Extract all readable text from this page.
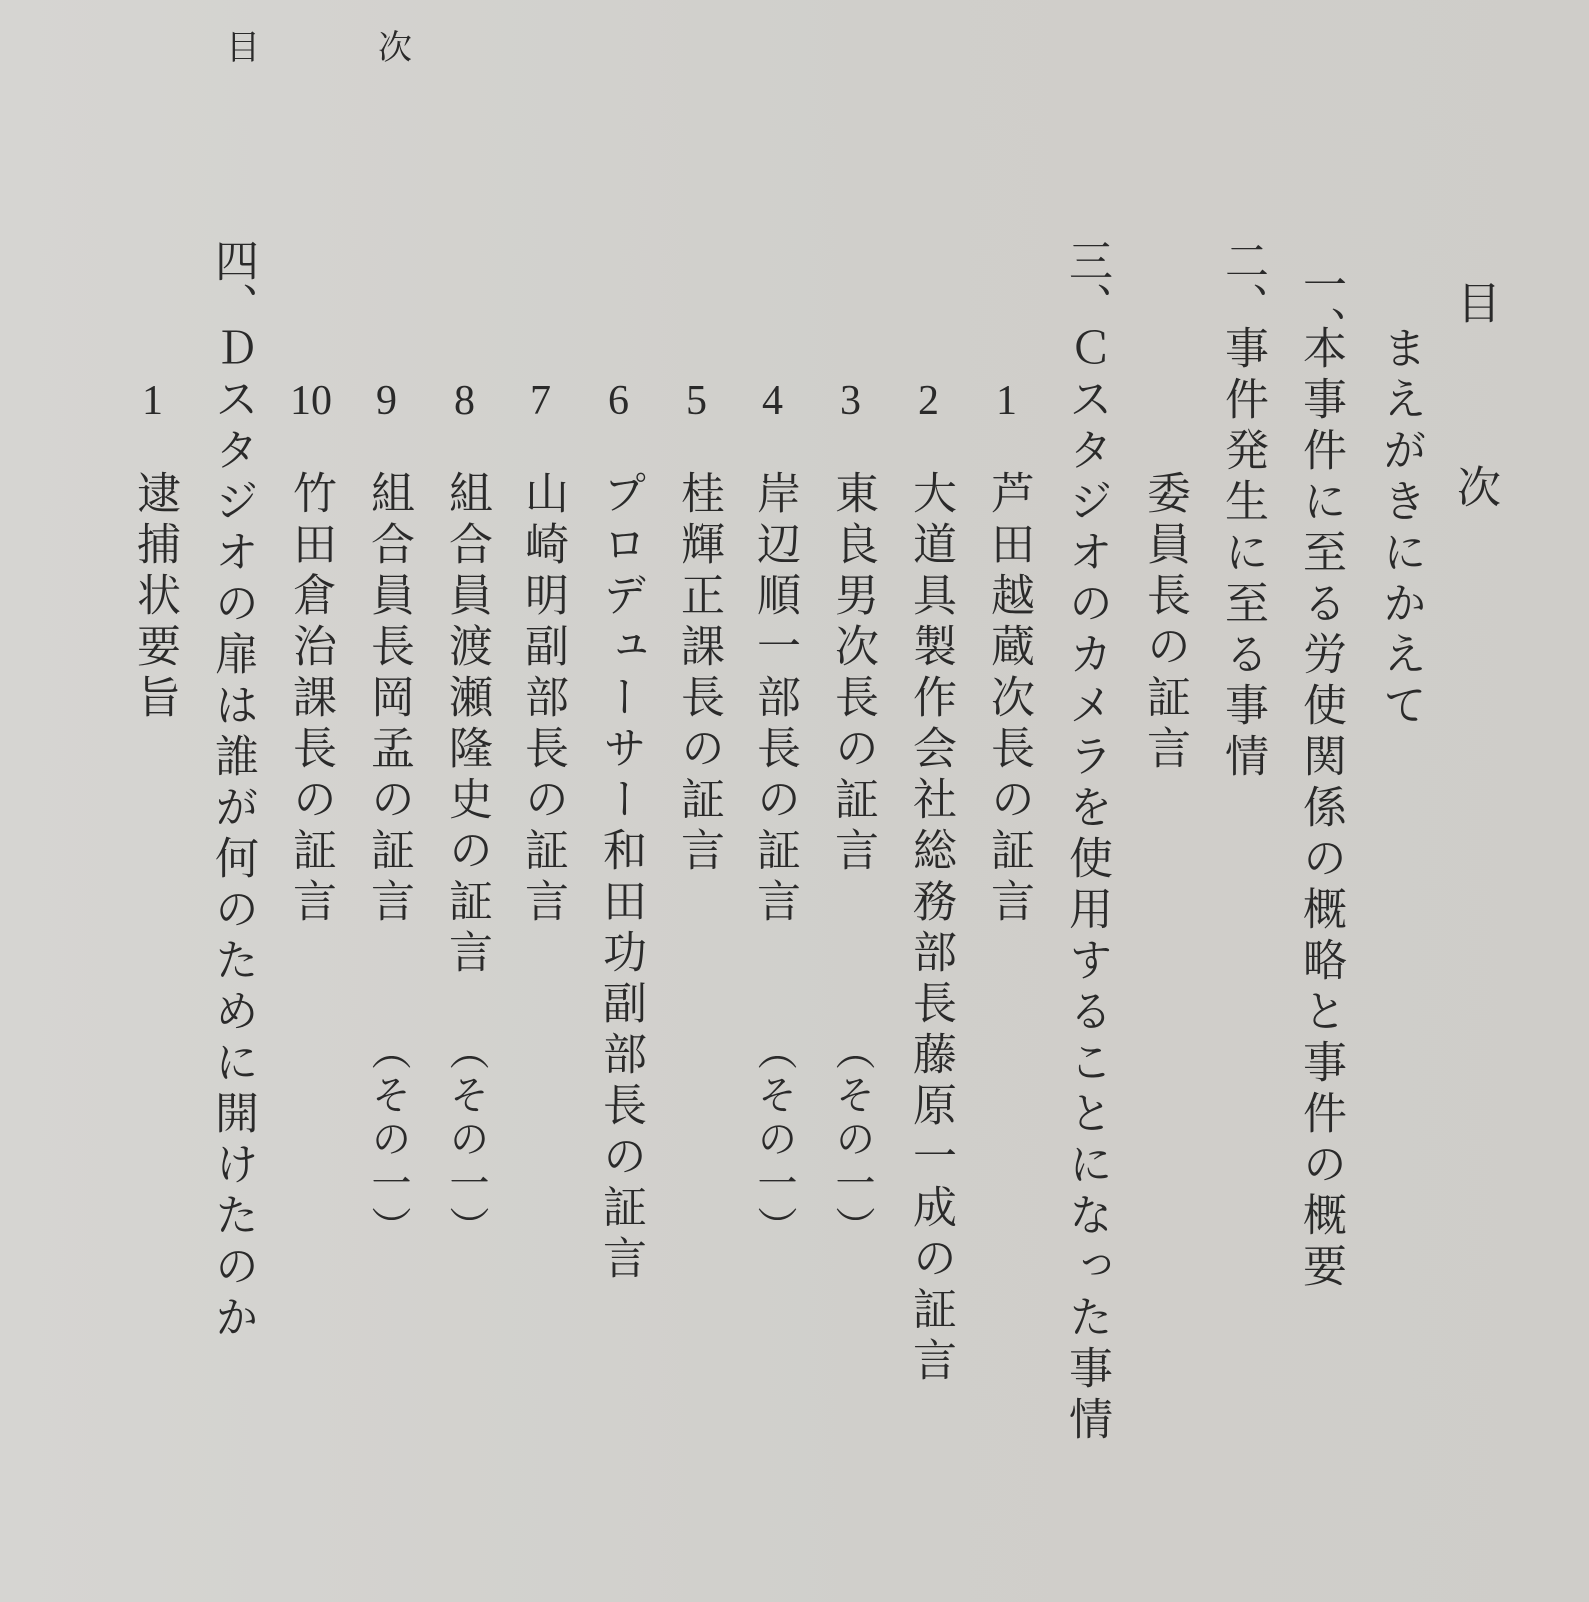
目　次
目　次
まえがきにかえて
一、
本事件に至る労使関係の概略と事件の概要
二、
事件発生に至る事情
委員長の証言
三、
Ｃスタジオのカメラを使用することになった事情
1
芦田越蔵次長の証言
2
大道具製作会社総務部長藤原一成の証言
3
東良男次長の証言
（その一）
4
岸辺順一部長の証言
（その一）
5
桂輝正課長の証言
6
プロデューサー和田功副部長の証言
7
山崎明副部長の証言
8
組合員渡瀬隆史の証言
（その一）
9
組合員長岡孟の証言
（その一）
10
竹田倉治課長の証言
四、
Ｄスタジオの扉は誰が何のために開けたのか
1
逮捕状要旨
